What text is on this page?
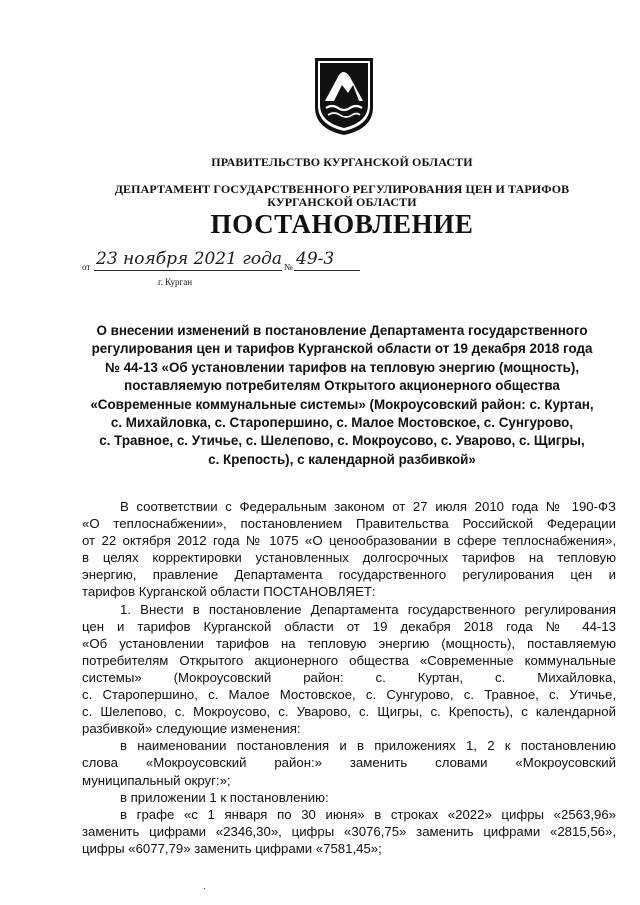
ПРАВИТЕЛЬСТВО КУРГАНСКОЙ ОБЛАСТИ
ДЕПАРТАМЕНТ ГОСУДАРСТВЕННОГО РЕГУЛИРОВАНИЯ ЦЕН И ТАРИФОВ
КУРГАНСКОЙ ОБЛАСТИ
ПОСТАНОВЛЕНИЕ
от 23 ноября 2021 года № 49-3
г. Курган
О внесении изменений в постановление Департамента государственного
регулирования цен и тарифов Курганской области от 19 декабря 2018 года
№ 44-13 «Об установлении тарифов на тепловую энергию (мощность),
поставляемую потребителям Открытого акционерного общества
«Современные коммунальные системы» (Мокроусовский район: с. Куртан,
с. Михайловка, с. Старопершино, с. Малое Мостовское, с. Сунгурово,
с. Травное, с. Утичье, с. Шелепово, с. Мокроусово, с. Уварово, с. Щигры,
с. Крепость), с календарной разбивкой»
В соответствии с Федеральным законом от 27 июля 2010 года № 190-ФЗ
«О теплоснабжении», постановлением Правительства Российской Федерации
от 22 октября 2012 года № 1075 «О ценообразовании в сфере теплоснабжения»,
в целях корректировки установленных долгосрочных тарифов на тепловую
энергию, правление Департамента государственного регулирования цен и
тарифов Курганской области ПОСТАНОВЛЯЕТ:
1. Внести в постановление Департамента государственного регулирования
цен и тарифов Курганской области от 19 декабря 2018 года № 44-13
«Об установлении тарифов на тепловую энергию (мощность), поставляемую
потребителям Открытого акционерного общества «Современные коммунальные
системы» (Мокроусовский район: с. Куртан, с. Михайловка,
с. Старопершино, с. Малое Мостовское, с. Сунгурово, с. Травное, с. Утичье,
с. Шелепово, с. Мокроусово, с. Уварово, с. Щигры, с. Крепость), с календарной
разбивкой» следующие изменения:
в наименовании постановления и в приложениях 1, 2 к постановлению
слова «Мокроусовский район:» заменить словами «Мокроусовский
муниципальный округ:»;
в приложении 1 к постановлению:
в графе «с 1 января по 30 июня» в строках «2022» цифры «2563,96»
заменить цифрами «2346,30», цифры «3076,75» заменить цифрами «2815,56»,
цифры «6077,79» заменить цифрами «7581,45»;
·
